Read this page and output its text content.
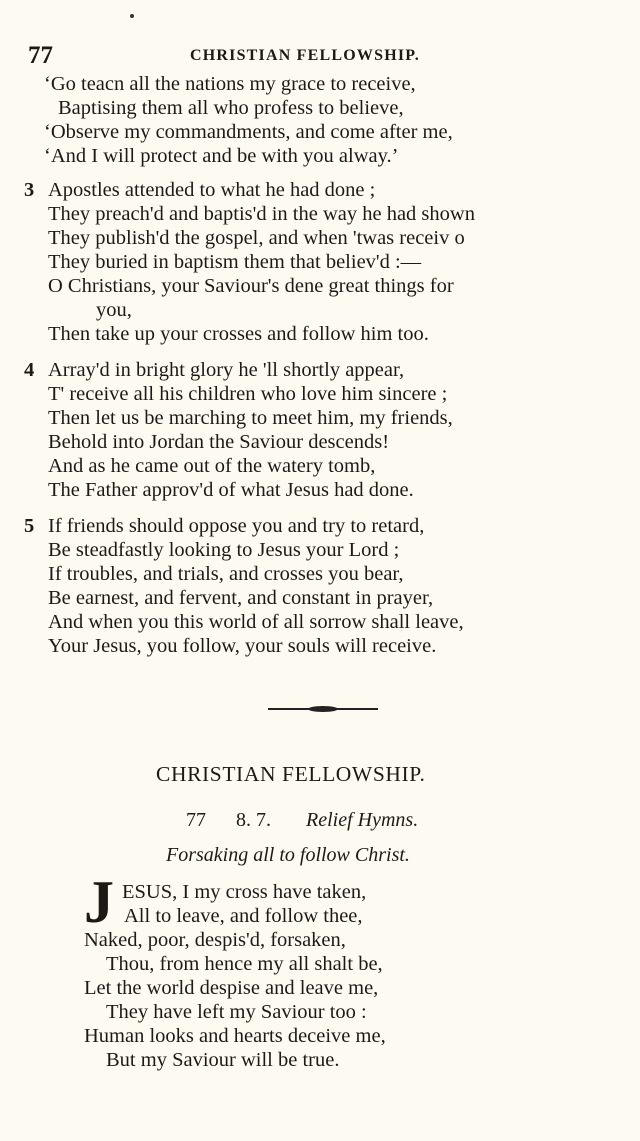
77	CHRISTIAN FELLOWSHIP.
‘Go teacn all the nations my grace to receive,
Baptising them all who profess to believe,
‘Observe my commandments, and come after me,
‘And I will protect and be with you alway.’
3 Apostles attended to what he had done ;
They preach'd and baptis'd in the way he had shown
They publish'd the gospel, and when 'twas receiv o
They buried in baptism them that believ'd :—
O Christians, your Saviour's dene great things for
you,
Then take up your crosses and follow him too.
4 Array'd in bright glory he 'll shortly appear,
T' receive all his children who love him sincere ;
Then let us be marching to meet him, my friends,
Behold into Jordan the Saviour descends!
And as he came out of the watery tomb,
The Father approv'd of what Jesus had done.
5 If friends should oppose you and try to retard,
Be steadfastly looking to Jesus your Lord ;
If troubles, and trials, and crosses you bear,
Be earnest, and fervent, and constant in prayer,
And when you this world of all sorrow shall leave,
Your Jesus, you follow, your souls will receive.
CHRISTIAN FELLOWSHIP.
77 8. 7. Relief Hymns.
Forsaking all to follow Christ.
J ESUS, I my cross have taken,
All to leave, and follow thee,
Naked, poor, despis'd, forsaken,
Thou, from hence my all shalt be,
Let the world despise and leave me,
They have left my Saviour too :
Human looks and hearts deceive me,
But my Saviour will be true.
